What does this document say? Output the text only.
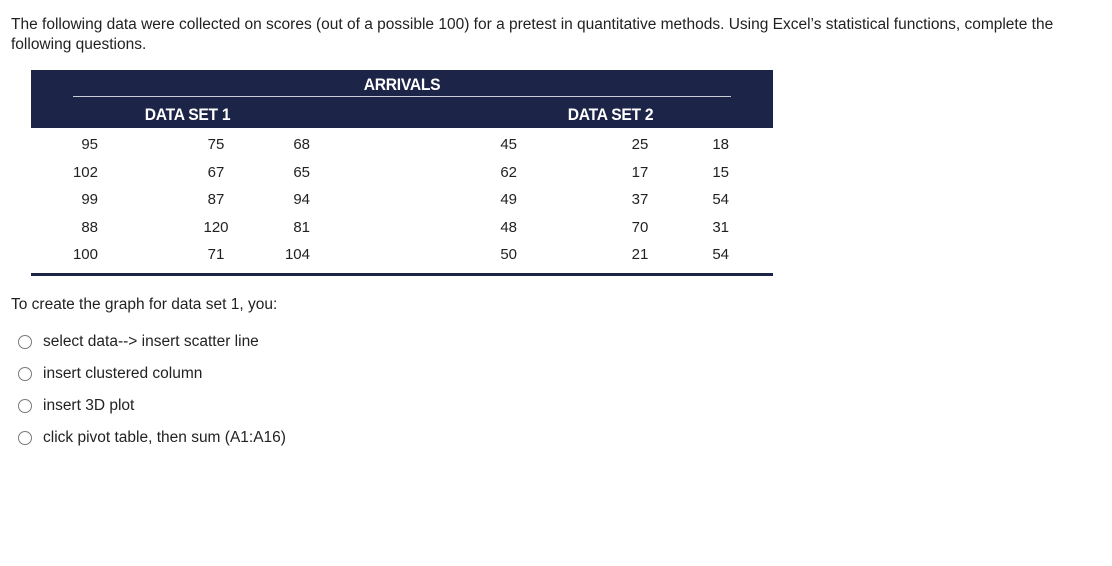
The following data were collected on scores (out of a possible 100) for a pretest in quantitative methods. Using Excel’s statistical functions, complete the following questions.
ARRIVALS
DATA SET 1	DATA SET 2
95	75	68	45	25	18
102	67	65	62	17	15
99	87	94	49	37	54
88	120	81	48	70	31
100	71	104	50	21	54
To create the graph for data set 1, you:
select data--> insert scatter line
insert clustered column
insert 3D plot
click pivot table, then sum (A1:A16)
